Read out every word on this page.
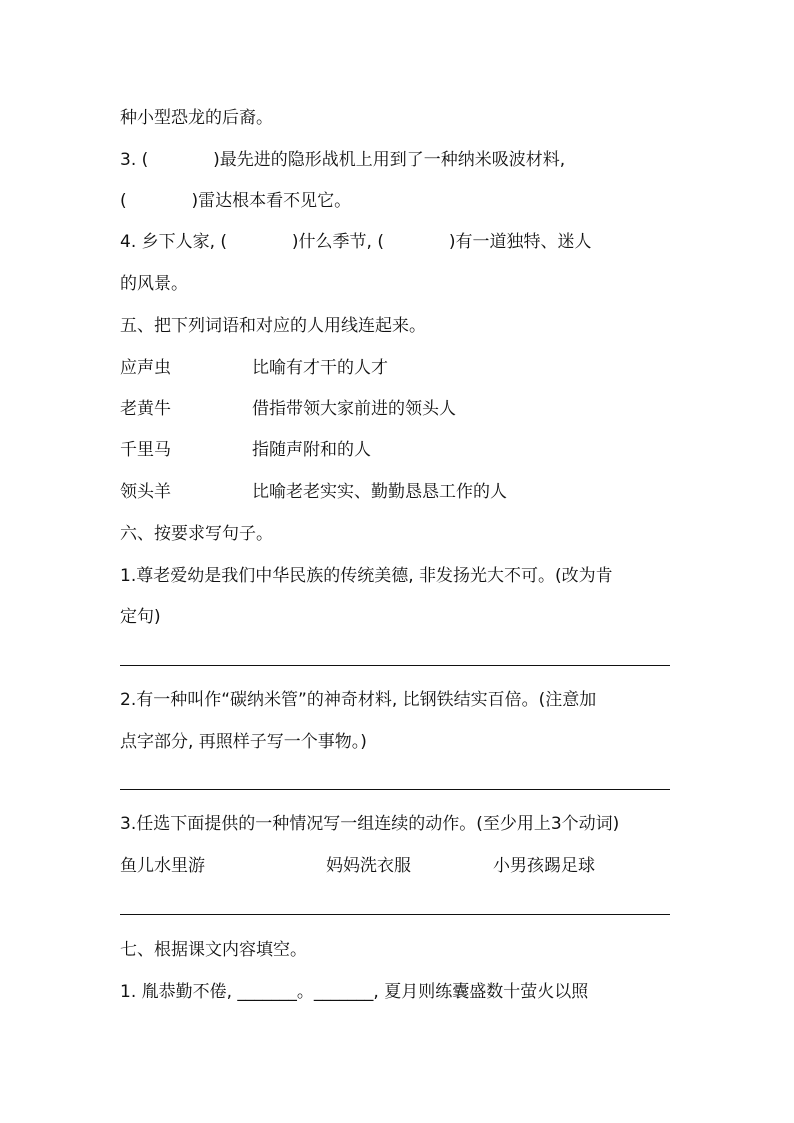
种小型恐龙的后裔。
3. (            )最先进的隐形战机上用到了一种纳米吸波材料,
(            )雷达根本看不见它。
4. 乡下人家, (            )什么季节, (            )有一道独特、迷人
的风景。
五、把下列词语和对应的人用线连起来。
应声虫	比喻有才干的人才
老黄牛	借指带领大家前进的领头人
千里马	指随声附和的人
领头羊	比喻老老实实、勤勤恳恳工作的人
六、按要求写句子。
1.尊老爱幼是我们中华民族的传统美德, 非发扬光大不可。(改为肯
定句)
2.有一种叫作“碳纳米管”的神奇材料, 比钢铁结实百倍。(注意加
点字部分, 再照样子写一个事物。)
3.任选下面提供的一种情况写一组连续的动作。(至少用上3个动词)
鱼儿水里游	妈妈洗衣服	小男孩踢足球
七、根据课文内容填空。
1. 胤恭勤不倦, _______。_______, 夏月则练囊盛数十萤火以照
